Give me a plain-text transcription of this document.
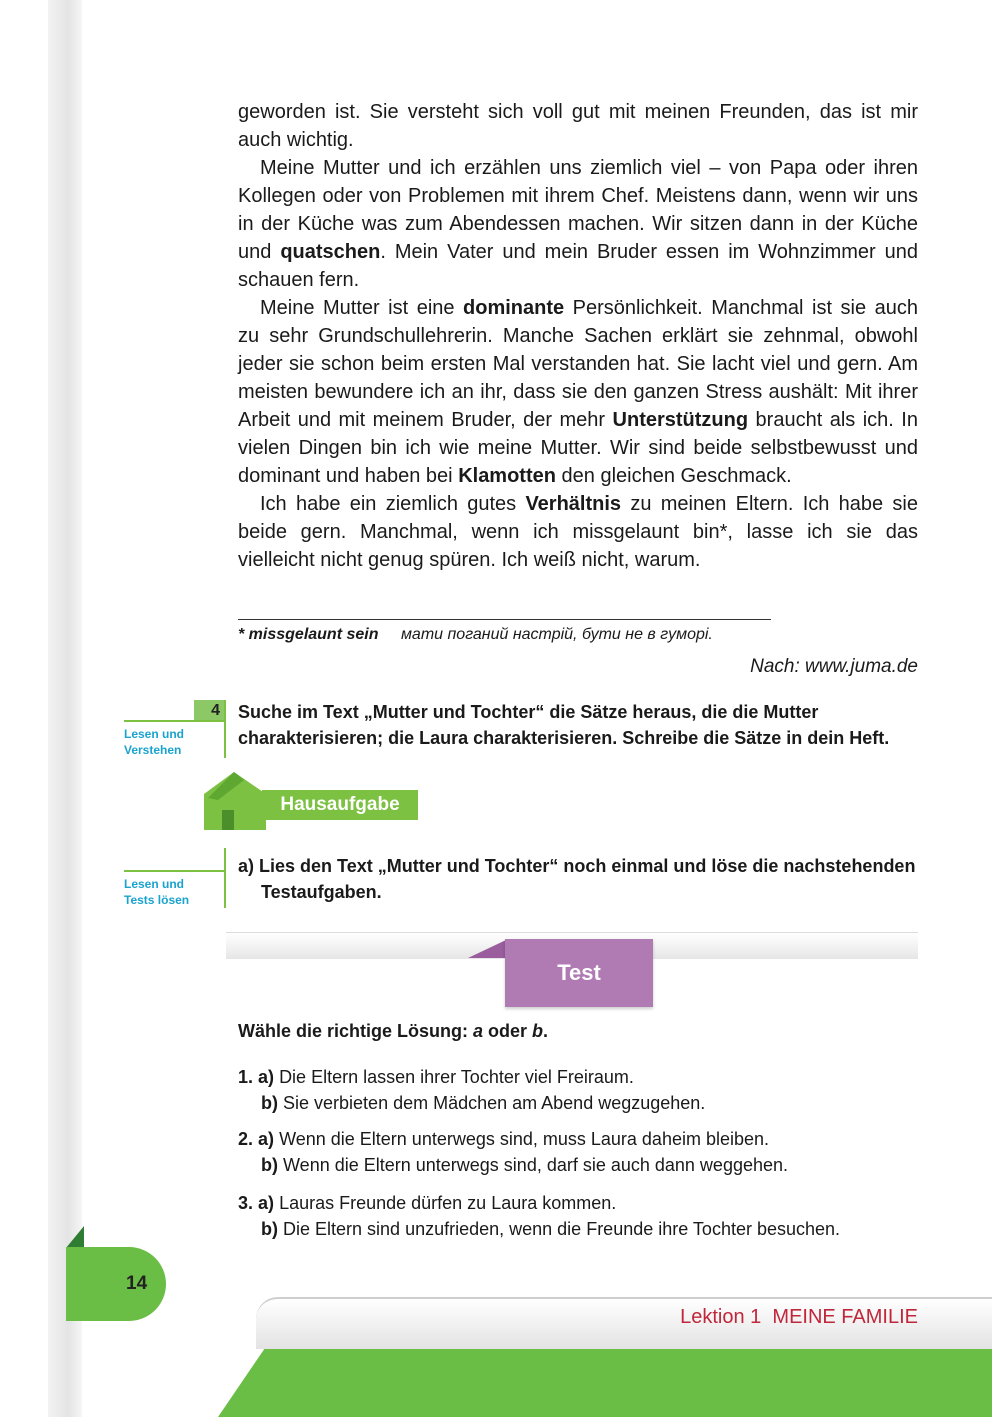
geworden ist. Sie versteht sich voll gut mit meinen Freunden, das ist mir auch wichtig.

Meine Mutter und ich erzählen uns ziemlich viel – von Papa oder ihren Kollegen oder von Problemen mit ihrem Chef. Meistens dann, wenn wir uns in der Küche was zum Abendessen machen. Wir sitzen dann in der Küche und quatschen. Mein Vater und mein Bruder essen im Wohnzimmer und schauen fern.

Meine Mutter ist eine dominante Persönlichkeit. Manchmal ist sie auch zu sehr Grundschullehrerin. Manche Sachen erklärt sie zehnmal, obwohl jeder sie schon beim ersten Mal verstanden hat. Sie lacht viel und gern. Am meisten bewundere ich an ihr, dass sie den ganzen Stress aushält: Mit ihrer Arbeit und mit meinem Bruder, der mehr Unterstützung braucht als ich. In vielen Dingen bin ich wie meine Mutter. Wir sind beide selbstbewusst und dominant und haben bei Klamotten den gleichen Geschmack.

Ich habe ein ziemlich gutes Verhältnis zu meinen Eltern. Ich habe sie beide gern. Manchmal, wenn ich missgelaunt bin*, lasse ich sie das vielleicht nicht genug spüren. Ich weiß nicht, warum.

* missgelaunt sein мати поганий настрій, бути не в гуморі.
Nach: www.juma.de
4
Lesen und
Verstehen
Suche im Text „Mutter und Tochter“ die Sätze heraus, die die Mutter charakterisieren; die Laura charakterisieren. Schreibe die Sätze in dein Heft.
Hausaufgabe
Lesen und
Tests lösen
a) Lies den Text „Mutter und Tochter“ noch einmal und löse die nachstehenden Testaufgaben.
Test
Wähle die richtige Lösung: a oder b.
1. a) Die Eltern lassen ihrer Tochter viel Freiraum.
b) Sie verbieten dem Mädchen am Abend wegzugehen.
2. a) Wenn die Eltern unterwegs sind, muss Laura daheim bleiben.
b) Wenn die Eltern unterwegs sind, darf sie auch dann weggehen.
3. a) Lauras Freunde dürfen zu Laura kommen.
b) Die Eltern sind unzufrieden, wenn die Freunde ihre Tochter besuchen.
14
Lektion 1  MEINE FAMILIE
